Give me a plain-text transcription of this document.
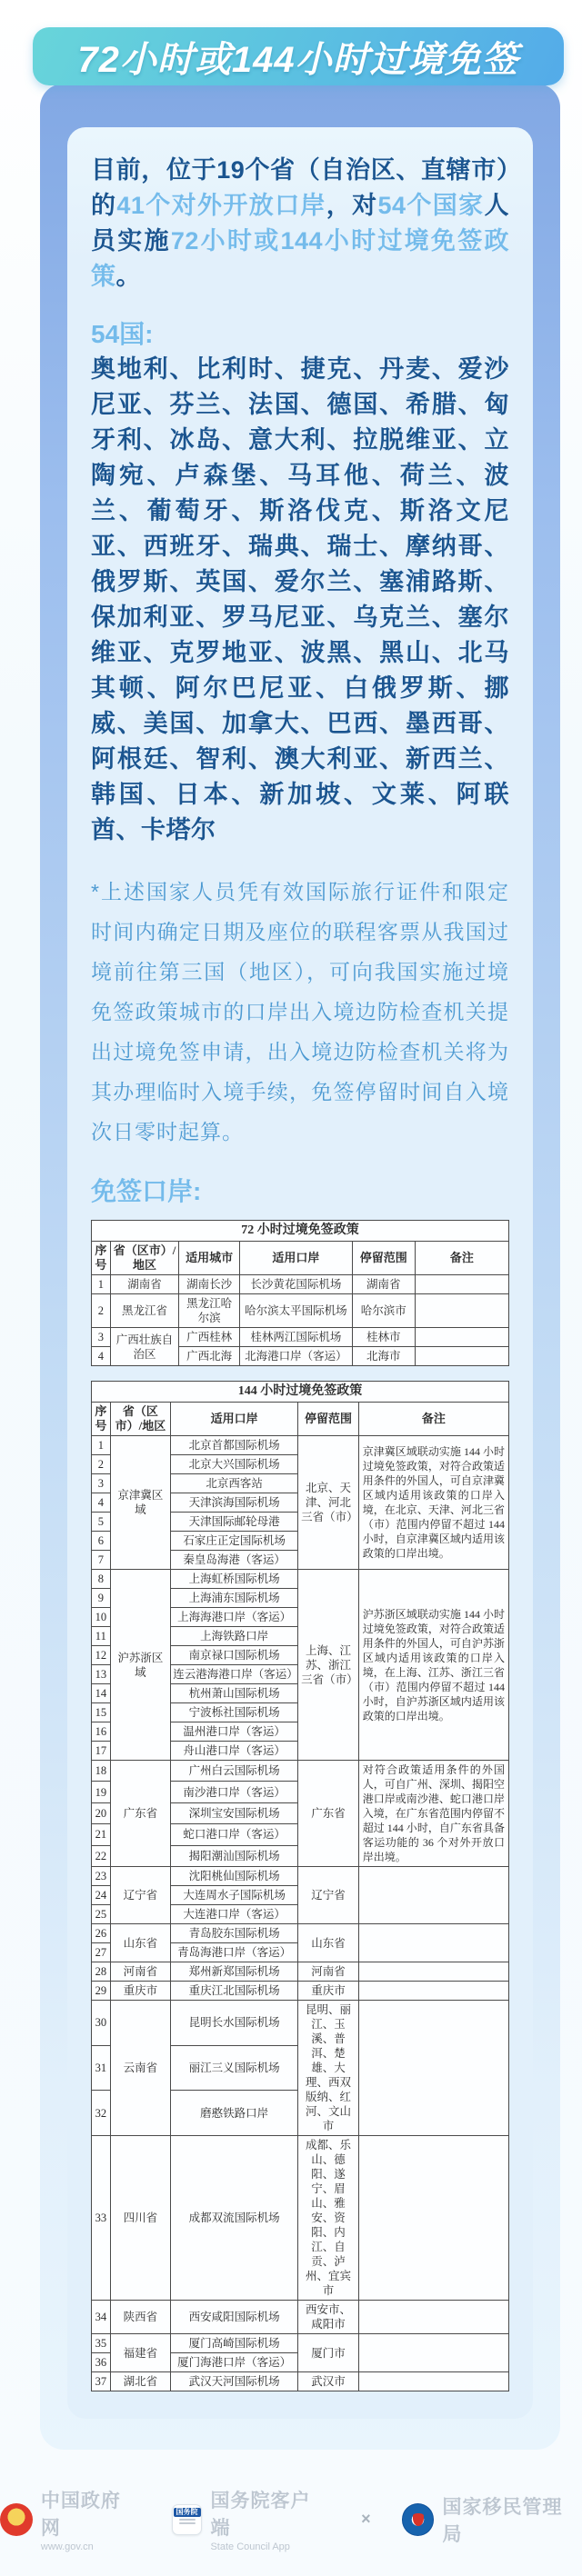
72小时或144小时过境免签

目前，位于19个省（自治区、直辖市）的41个对外开放口岸，对54个国家人员实施72小时或144小时过境免签政策。

54国:

奥地利、比利时、捷克、丹麦、爱沙尼亚、芬兰、法国、德国、希腊、匈牙利、冰岛、意大利、拉脱维亚、立陶宛、卢森堡、马耳他、荷兰、波兰、葡萄牙、斯洛伐克、斯洛文尼亚、西班牙、瑞典、瑞士、摩纳哥、俄罗斯、英国、爱尔兰、塞浦路斯、保加利亚、罗马尼亚、乌克兰、塞尔维亚、克罗地亚、波黑、黑山、北马其顿、阿尔巴尼亚、白俄罗斯、挪威、美国、加拿大、巴西、墨西哥、阿根廷、智利、澳大利亚、新西兰、韩国、日本、新加坡、文莱、阿联酋、卡塔尔

*上述国家人员凭有效国际旅行证件和限定时间内确定日期及座位的联程客票从我国过境前往第三国（地区），可向我国实施过境免签政策城市的口岸出入境边防检查机关提出过境免签申请，出入境边防检查机关将为其办理临时入境手续，免签停留时间自入境次日零时起算。

免签口岸:
72 小时过境免签政策					
序号	省（区市）/地区	适用城市	适用口岸	停留范围	备注
1	湖南省	湖南长沙	长沙黄花国际机场	湖南省	
2	黑龙江省	黑龙江哈尔滨	哈尔滨太平国际机场	哈尔滨市	
3	广西壮族自治区	广西桂林	桂林两江国际机场	桂林市	
4		广西北海	北海港口岸（客运）	北海市	
144 小时过境免签政策				
序号	省（区市）/地区	适用口岸	停留范围	备注
1	京津冀区域	北京首都国际机场	北京、天津、河北三省（市）	京津冀区域联动实施 144 小时过境免签政策，对符合政策适用条件的外国人，可自京津冀区域内适用该政策的口岸入境，在北京、天津、河北三省（市）范围内停留不超过 144 小时，自京津冀区域内适用该政策的口岸出境。
2		北京大兴国际机场		
3		北京西客站		
4		天津滨海国际机场		
5		天津国际邮轮母港		
6		石家庄正定国际机场		
7		秦皇岛海港（客运）		
8	沪苏浙区域	上海虹桥国际机场	上海、江苏、浙江三省（市）	沪苏浙区域联动实施 144 小时过境免签政策，对符合政策适用条件的外国人，可自沪苏浙区域内适用该政策的口岸入境，在上海、江苏、浙江三省（市）范围内停留不超过 144 小时，自沪苏浙区域内适用该政策的口岸出境。
9		上海浦东国际机场		
10		上海海港口岸（客运）		
11		上海铁路口岸		
12		南京禄口国际机场		
13		连云港海港口岸（客运）		
14		杭州萧山国际机场		
15		宁波栎社国际机场		
16		温州港口岸（客运）		
17		舟山港口岸（客运）		
18	广东省	广州白云国际机场	广东省	对符合政策适用条件的外国人，可自广州、深圳、揭阳空港口岸或南沙港、蛇口港口岸入境，在广东省范围内停留不超过 144 小时，自广东省具备客运功能的 36 个对外开放口岸出境。
19		南沙港口岸（客运）		
20		深圳宝安国际机场		
21		蛇口港口岸（客运）		
22		揭阳潮汕国际机场		
23	辽宁省	沈阳桃仙国际机场	辽宁省	
24		大连周水子国际机场		
25		大连港口岸（客运）		
26	山东省	青岛胶东国际机场	山东省	
27		青岛海港口岸（客运）		
28	河南省	郑州新郑国际机场	河南省	
29	重庆市	重庆江北国际机场	重庆市	
30	云南省	昆明长水国际机场	昆明、丽江、玉溪、普洱、楚雄、大理、西双版纳、红河、文山市	
31		丽江三义国际机场		
32		磨憨铁路口岸		
33	四川省	成都双流国际机场	成都、乐山、德阳、遂宁、眉山、雅安、资阳、内江、自贡、泸州、宜宾市	
34	陕西省	西安咸阳国际机场	西安市、咸阳市	
35	福建省	厦门高崎国际机场	厦门市	
36		厦门海港口岸（客运）		
37	湖北省	武汉天河国际机场	武汉市	
★
中国政府网
www.gov.cn
国务院 国务院客户端
State Council App
×
国家移民管理局
